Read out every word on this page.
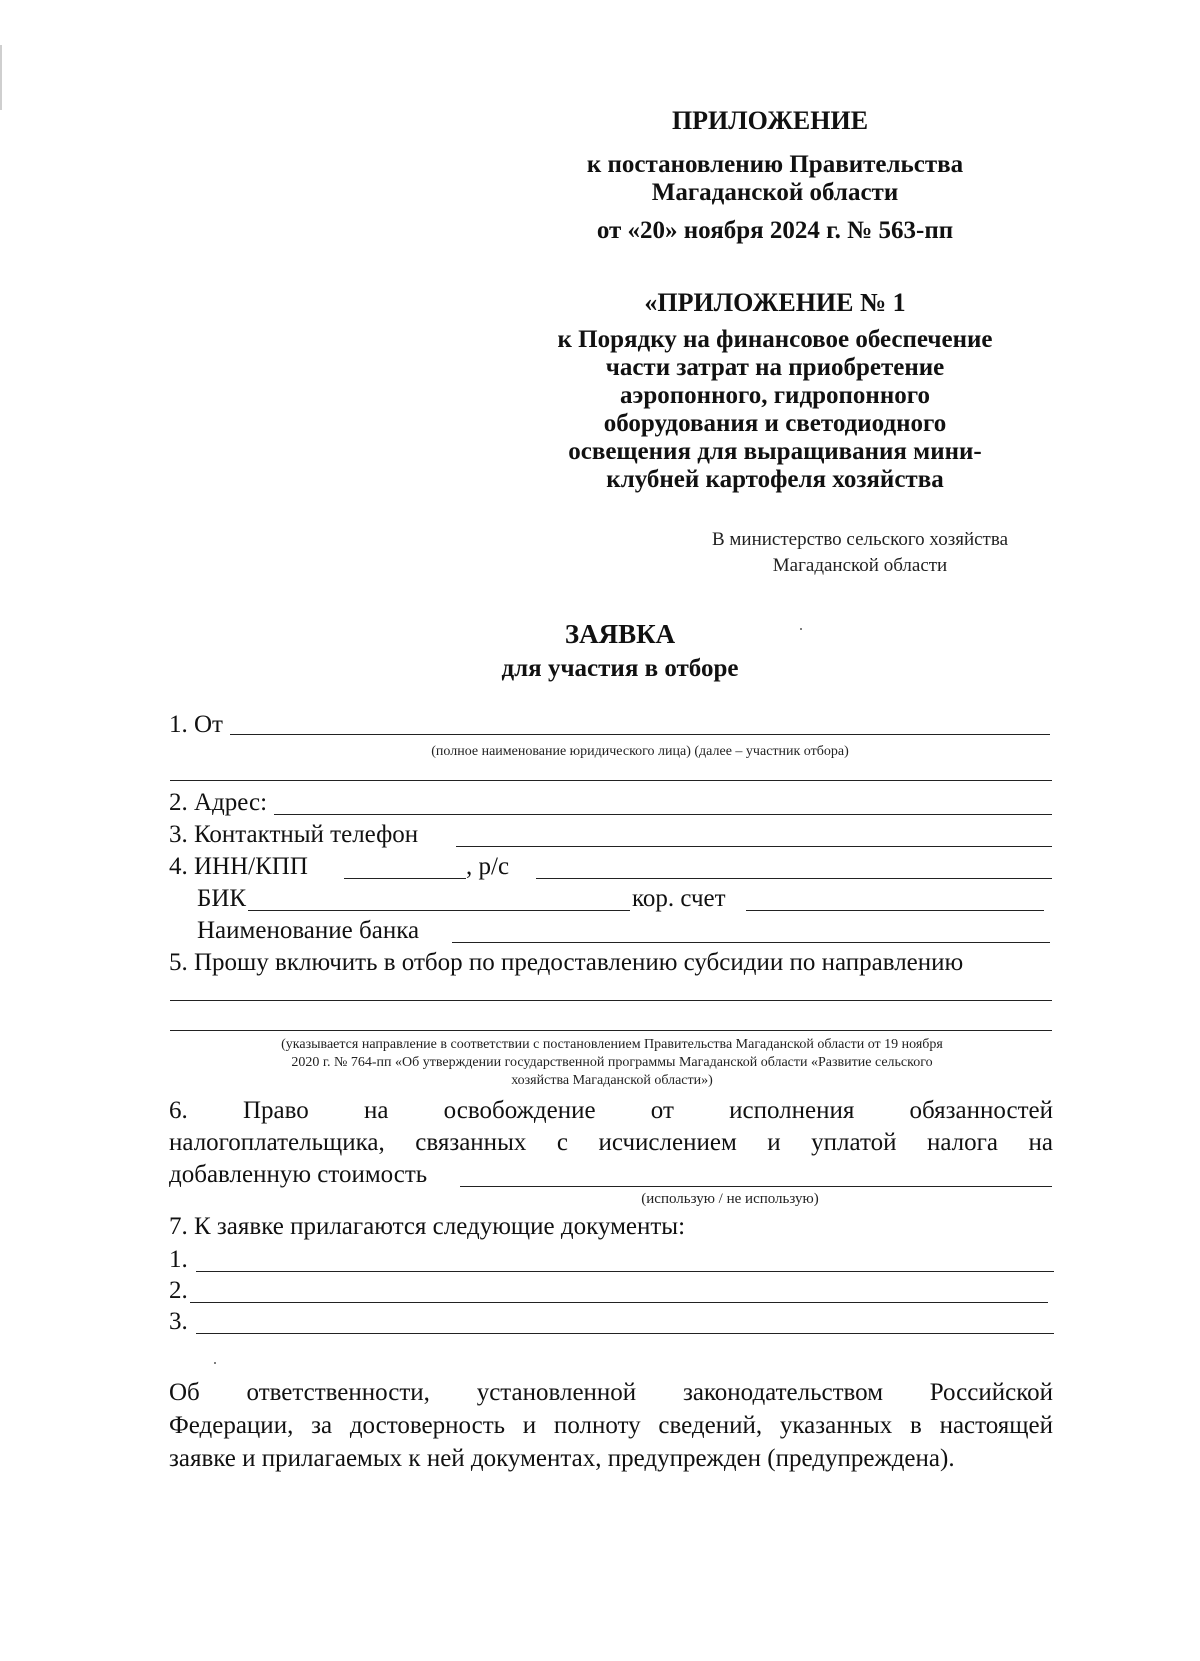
ПРИЛОЖЕНИЕ
к постановлению Правительства
Магаданской области
от «20» ноября 2024 г. № 563-пп
«ПРИЛОЖЕНИЕ № 1
к Порядку на финансовое обеспечение
части затрат на приобретение
аэропонного, гидропонного
оборудования и светодиодного
освещения для выращивания мини-
клубней картофеля хозяйства
В министерство сельского хозяйства
Магаданской области
ЗАЯВКА
для участия в отборе
1. От
(полное наименование юридического лица) (далее – участник отбора)
2. Адрес:
3. Контактный телефон
4. ИНН/КПП	, р/с
БИК	кор. счет
Наименование банка
5. Прошу включить в отбор по предоставлению субсидии по направлению
(указывается направление в соответствии с постановлением Правительства Магаданской области от 19 ноября
2020 г. № 764-пп «Об утверждении государственной программы Магаданской области «Развитие сельского
хозяйства Магаданской области»)
6.      Право      на      освобождение      от      исполнения      обязанностей
налогоплательщика, связанных с исчислением и уплатой налога на
добавленную стоимость
(использую / не использую)
7. К заявке прилагаются следующие документы:
1.
2.
3.
Об ответственности, установленной законодательством Российской
Федерации, за достоверность и полноту сведений, указанных в настоящей
заявке и прилагаемых к ней документах, предупрежден (предупреждена).
